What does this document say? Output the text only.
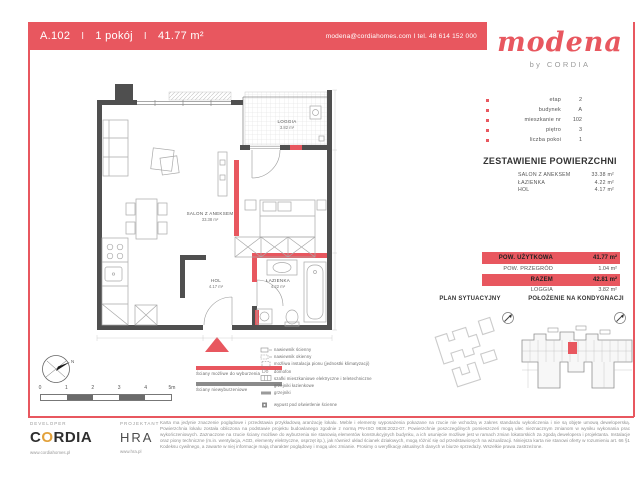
A.102 I 1 pokój I 41.77 m²	modena@cordiahomes.com I tel. 48 614 152 000 modena
by CORDIA
SALON Z ANEKSEM
33.38 m²
HOL
4.17 m²
ŁAZIENKA
4.22 m²
LOGGIA
3.82 m²
etap	2
budynek	A
mieszkanie nr	102
piętro	3
liczba pokoi	1
ZESTAWIENIE POWIERZCHNI
SALON Z ANEKSEM	33.38 m²
ŁAZIENKA	4.22 m²
HOL	4.17 m²
POW. UŻYTKOWA	41.77 m²
POW. PRZEGRÓD	1.04 m²
RAZEM	42.81 m²
LOGGIA	3.82 m²
PLAN SYTUACYJNY	POŁOŻENIE NA KONDYGNACJI
N
0	1	2	3	4	5m
Ściany możliwe do wyburzenia
Ściany niewyburzeniowe
nawiewnik ścienny
nawiewnik okienny
możliwa instalacja pionu (jednostki klimatyzacji)
Do domofon
szafki mieszkaniowe elektryczne i teletechniczne
grzejniki łazienkowe
grzejniki
wypust pod oświetlenie ścienne
DEVELOPER
CORDIA
www.cordiahomes.pl
PROJEKTANT
HRA
www.hra.pl
Karta ma jedynie znaczenie poglądowe i przedstawia przykładową aranżację lokalu. Meble i elementy wyposażenia pokazane na rzucie nie wchodzą w zakres standardu wykończenia i nie są objęte umową deweloperską. Powierzchnia lokalu została obliczona na podstawie projektu budowlanego zgodnie z normą PN-ISO 9836:2022-07. Powierzchnie poszczególnych pomieszczeń mogą ulec nieznacznym zmianom w wyniku wykonania prac wykończeniowych. Zaznaczone na rzucie ściany możliwe do wyburzenia nie stanowią elementów konstrukcyjnych budynku, a ich usunięcie możliwe jest w ramach zmian lokatorskich za zgodą dewelopera i projektanta. Instalacje oraz piony techniczne (m.in. wentylacja, AGD, elementy elektryczne, osprzęt itp.), jak również układ ścianek działowych, mogą różnić się od przedstawionych na wizualizacji. Niniejsza karta nie stanowi oferty w rozumieniu art. 66 §1 Kodeksu cywilnego, a zawarte w niej informacje mają charakter poglądowy i mogą ulec zmianie. Prosimy o weryfikację aktualnych danych w biurze sprzedaży. Wszelkie prawa zastrzeżone.
